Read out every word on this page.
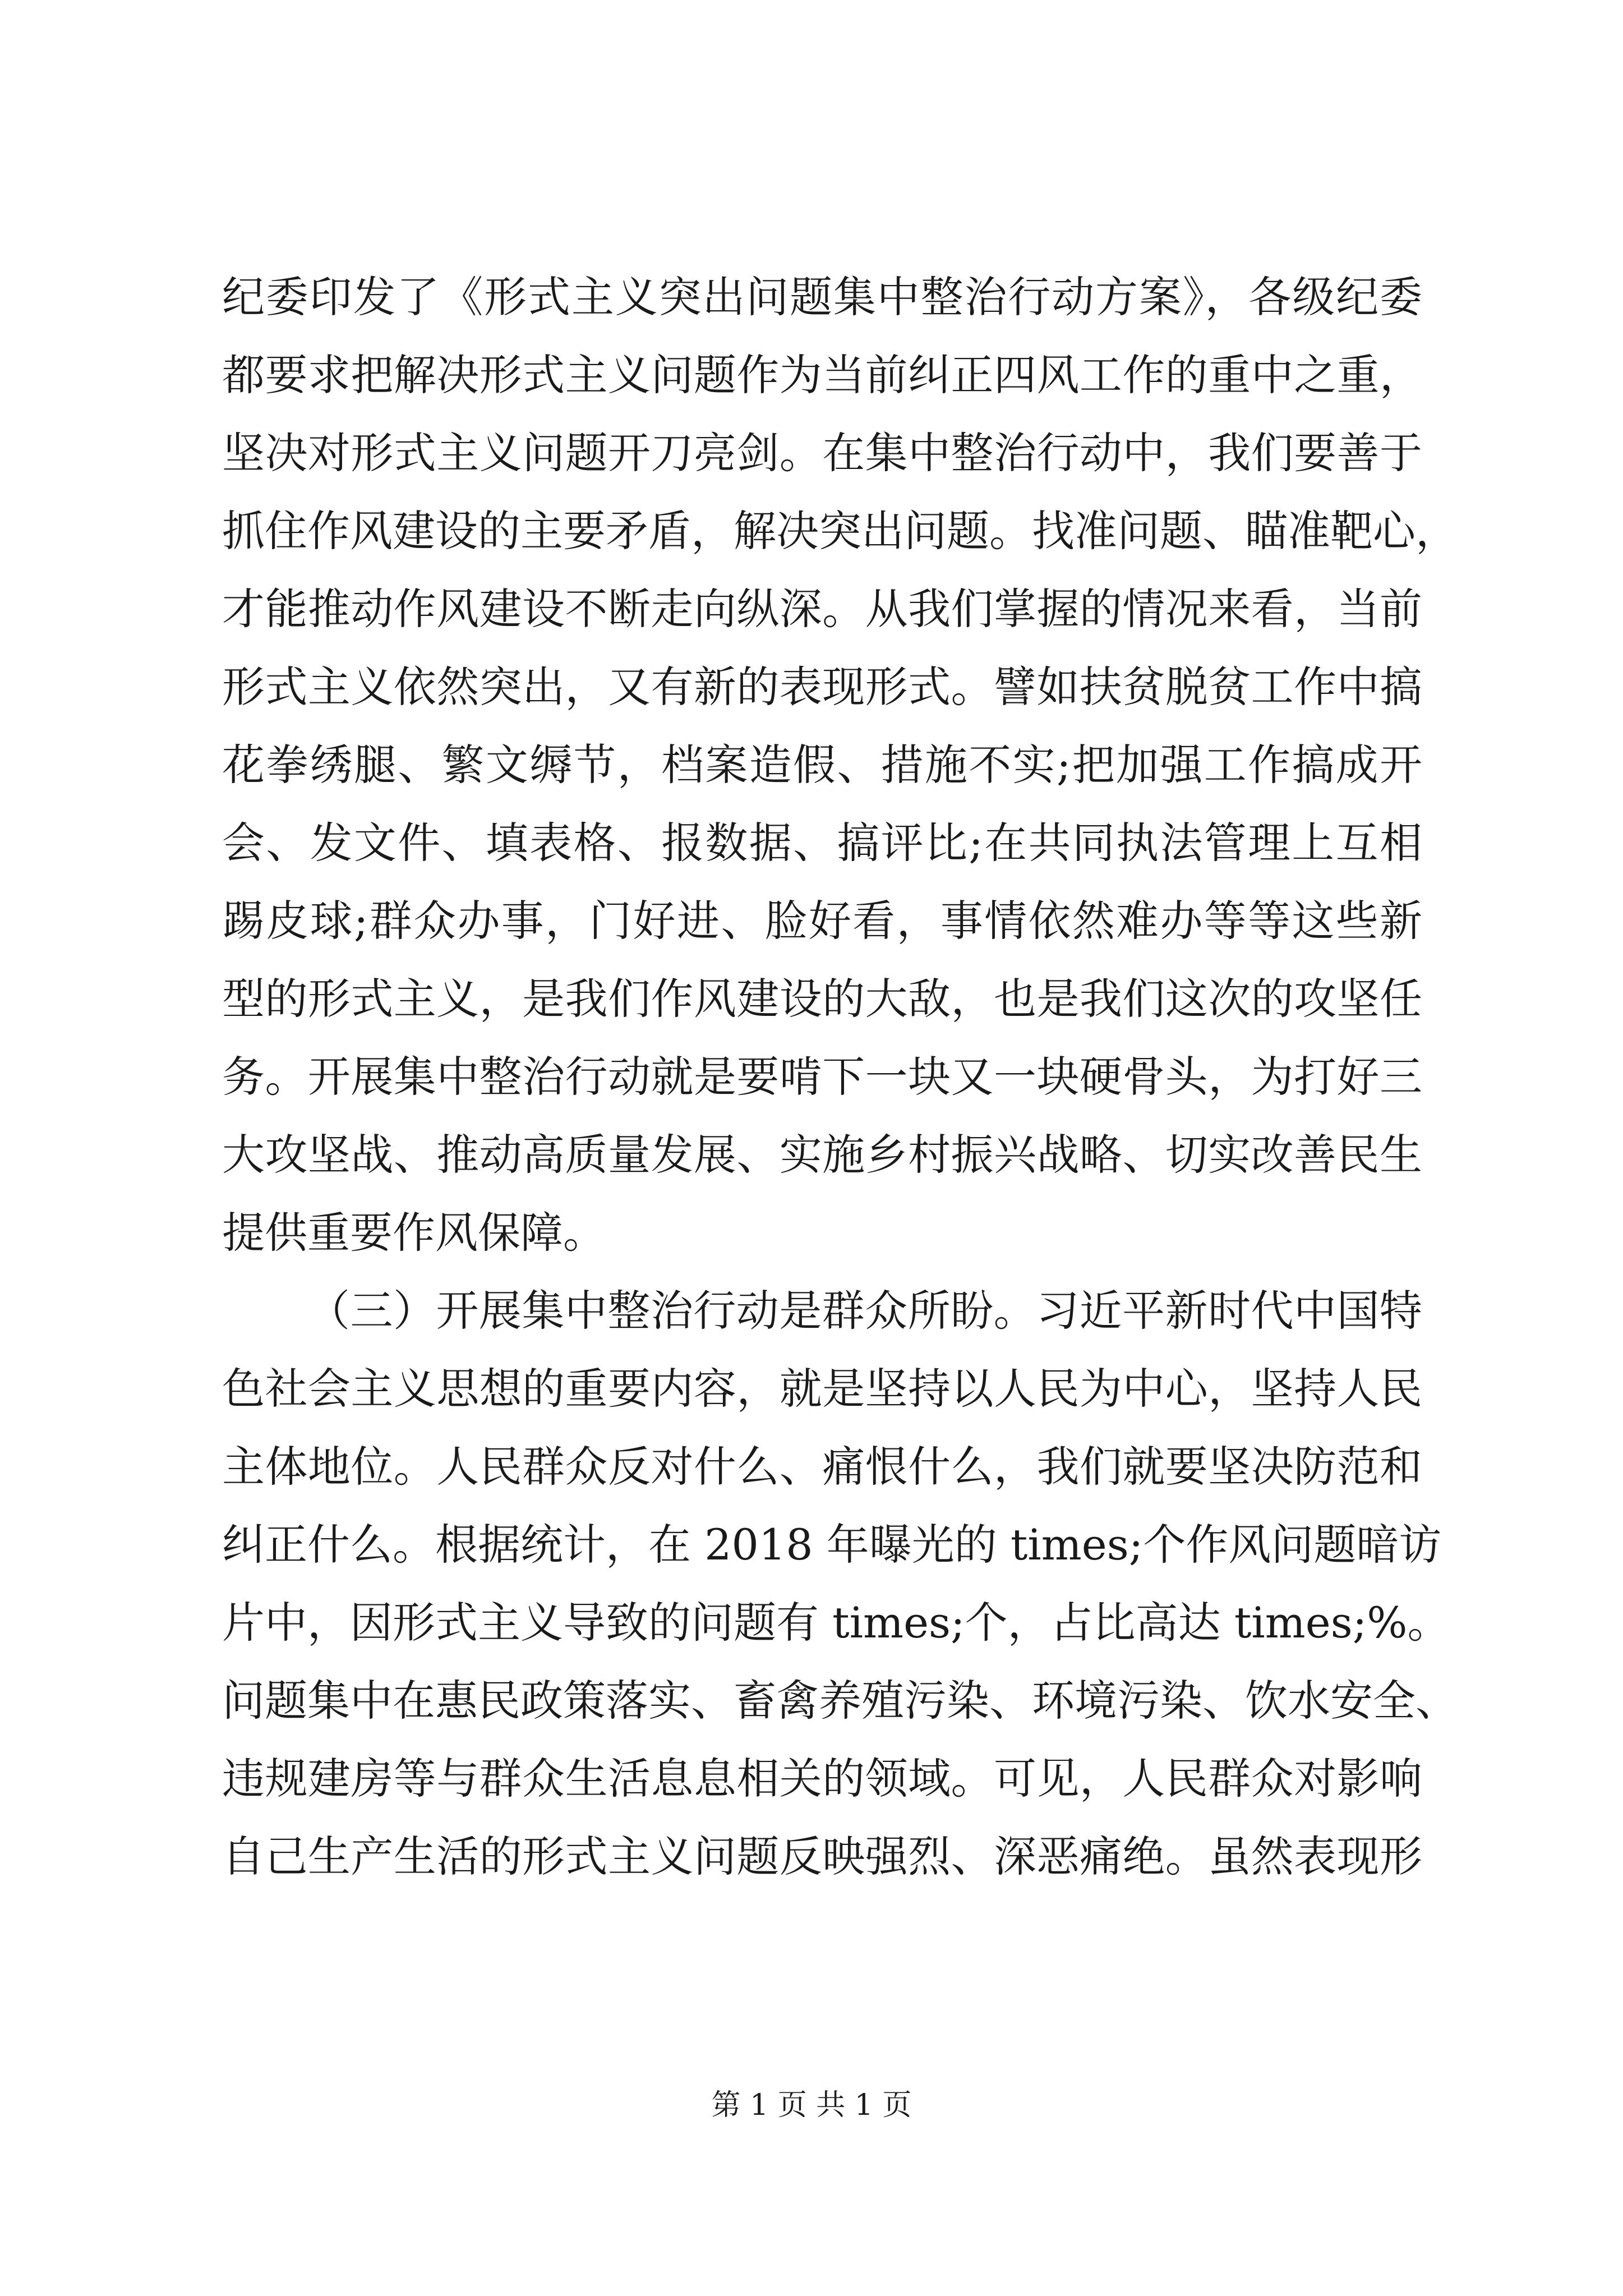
纪委印发了《形式主义突出问题集中整治行动方案》，各级纪委
都要求把解决形式主义问题作为当前纠正四风工作的重中之重，
坚决对形式主义问题开刀亮剑。在集中整治行动中，我们要善于
抓住作风建设的主要矛盾，解决突出问题。找准问题、瞄准靶心，
才能推动作风建设不断走向纵深。从我们掌握的情况来看，当前
形式主义依然突出，又有新的表现形式。譬如扶贫脱贫工作中搞
花拳绣腿、繁文缛节，档案造假、措施不实;把加强工作搞成开
会、发文件、填表格、报数据、搞评比;在共同执法管理上互相
踢皮球;群众办事，门好进、脸好看，事情依然难办等等这些新
型的形式主义，是我们作风建设的大敌，也是我们这次的攻坚任
务。开展集中整治行动就是要啃下一块又一块硬骨头，为打好三
大攻坚战、推动高质量发展、实施乡村振兴战略、切实改善民生
提供重要作风保障。
（三）开展集中整治行动是群众所盼。习近平新时代中国特
色社会主义思想的重要内容，就是坚持以人民为中心，坚持人民
主体地位。人民群众反对什么、痛恨什么，我们就要坚决防范和
纠正什么。根据统计，在 2018 年曝光的 times;个作风问题暗访
片中，因形式主义导致的问题有 times;个，占比高达 times;%。
问题集中在惠民政策落实、畜禽养殖污染、环境污染、饮水安全、
违规建房等与群众生活息息相关的领域。可见，人民群众对影响
自己生产生活的形式主义问题反映强烈、深恶痛绝。虽然表现形
第 1 页 共 1 页
